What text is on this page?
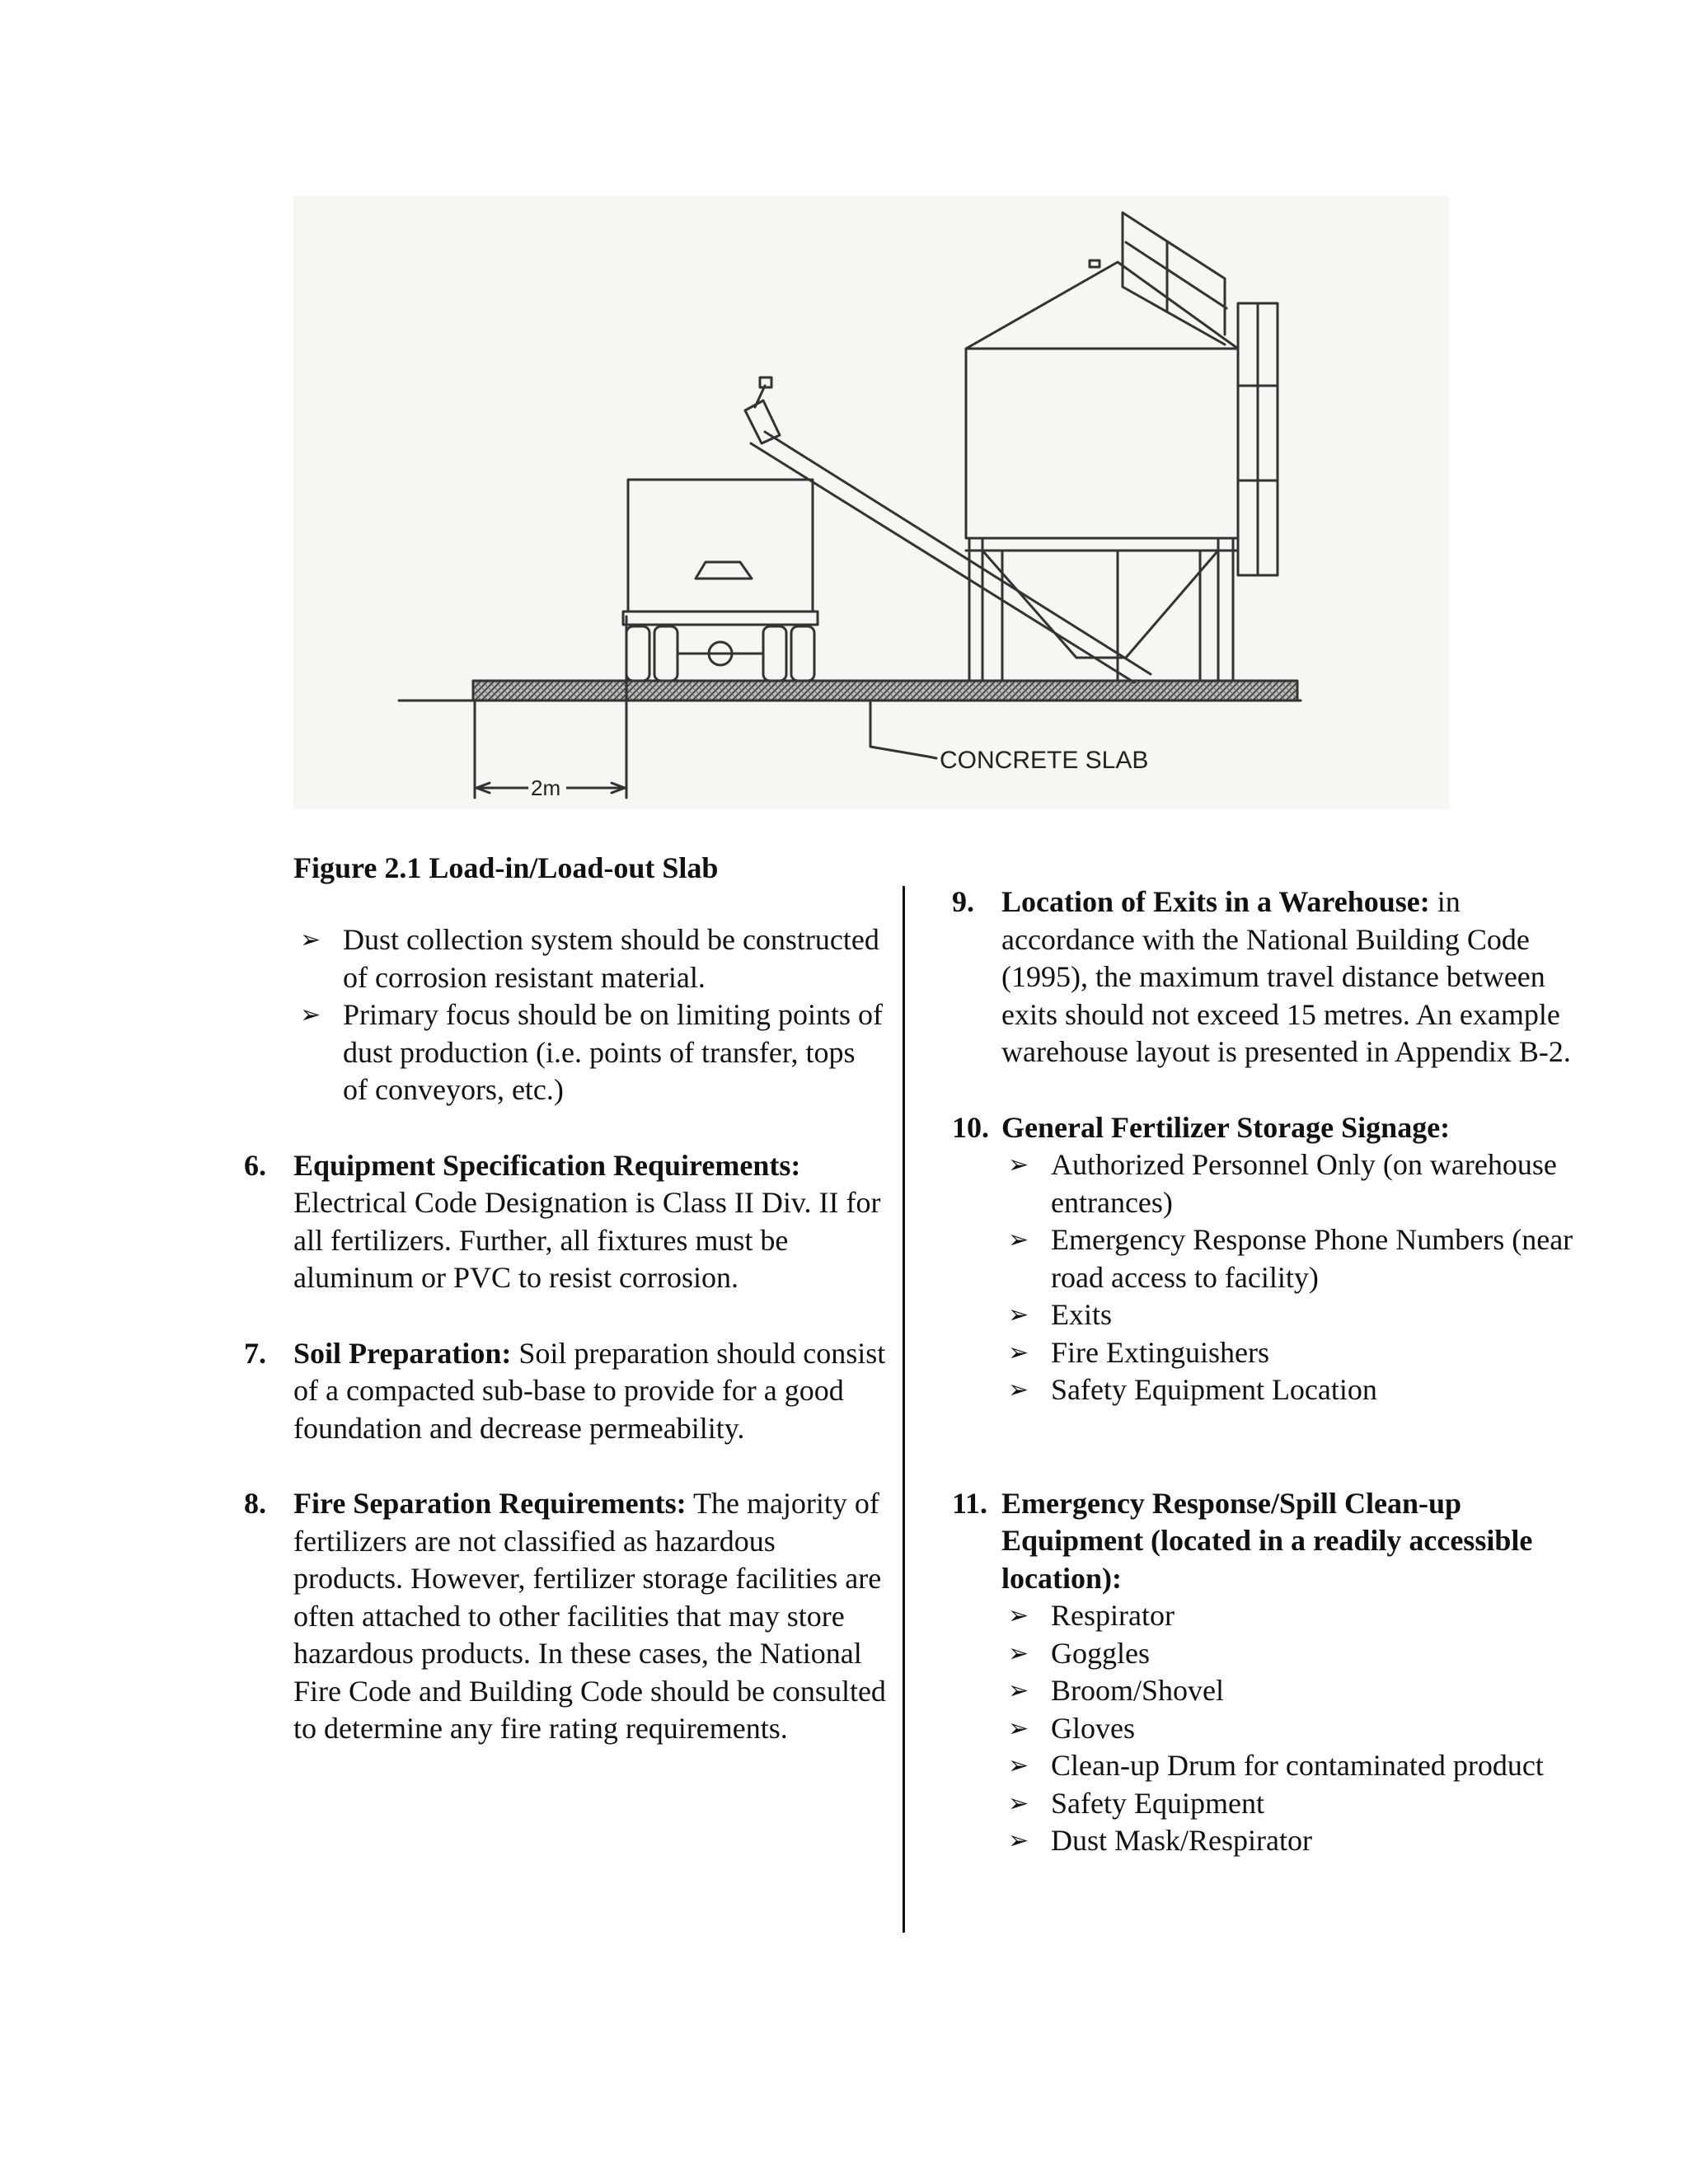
CONCRETE SLAB
2m
Figure 2.1 Load-in/Load-out Slab
➢ Dust collection system should be constructed of corrosion resistant material.
➢ Primary focus should be on limiting points of dust production (i.e. points of transfer, tops of conveyors, etc.)
6. Equipment Specification Requirements: Electrical Code Designation is Class II Div. II for all fertilizers. Further, all fixtures must be aluminum or PVC to resist corrosion.
7. Soil Preparation: Soil preparation should consist of a compacted sub-base to provide for a good foundation and decrease permeability.
8. Fire Separation Requirements: The majority of fertilizers are not classified as hazardous products. However, fertilizer storage facilities are often attached to other facilities that may store hazardous products. In these cases, the National Fire Code and Building Code should be consulted to determine any fire rating requirements.
9. Location of Exits in a Warehouse: in accordance with the National Building Code (1995), the maximum travel distance between exits should not exceed 15 metres. An example warehouse layout is presented in Appendix B-2.
10. General Fertilizer Storage Signage:
➢ Authorized Personnel Only (on warehouse entrances)
➢ Emergency Response Phone Numbers (near road access to facility)
➢ Exits
➢ Fire Extinguishers
➢ Safety Equipment Location
11. Emergency Response/Spill Clean-up Equipment (located in a readily accessible location):
➢ Respirator
➢ Goggles
➢ Broom/Shovel
➢ Gloves
➢ Clean-up Drum for contaminated product
➢ Safety Equipment
➢ Dust Mask/Respirator
